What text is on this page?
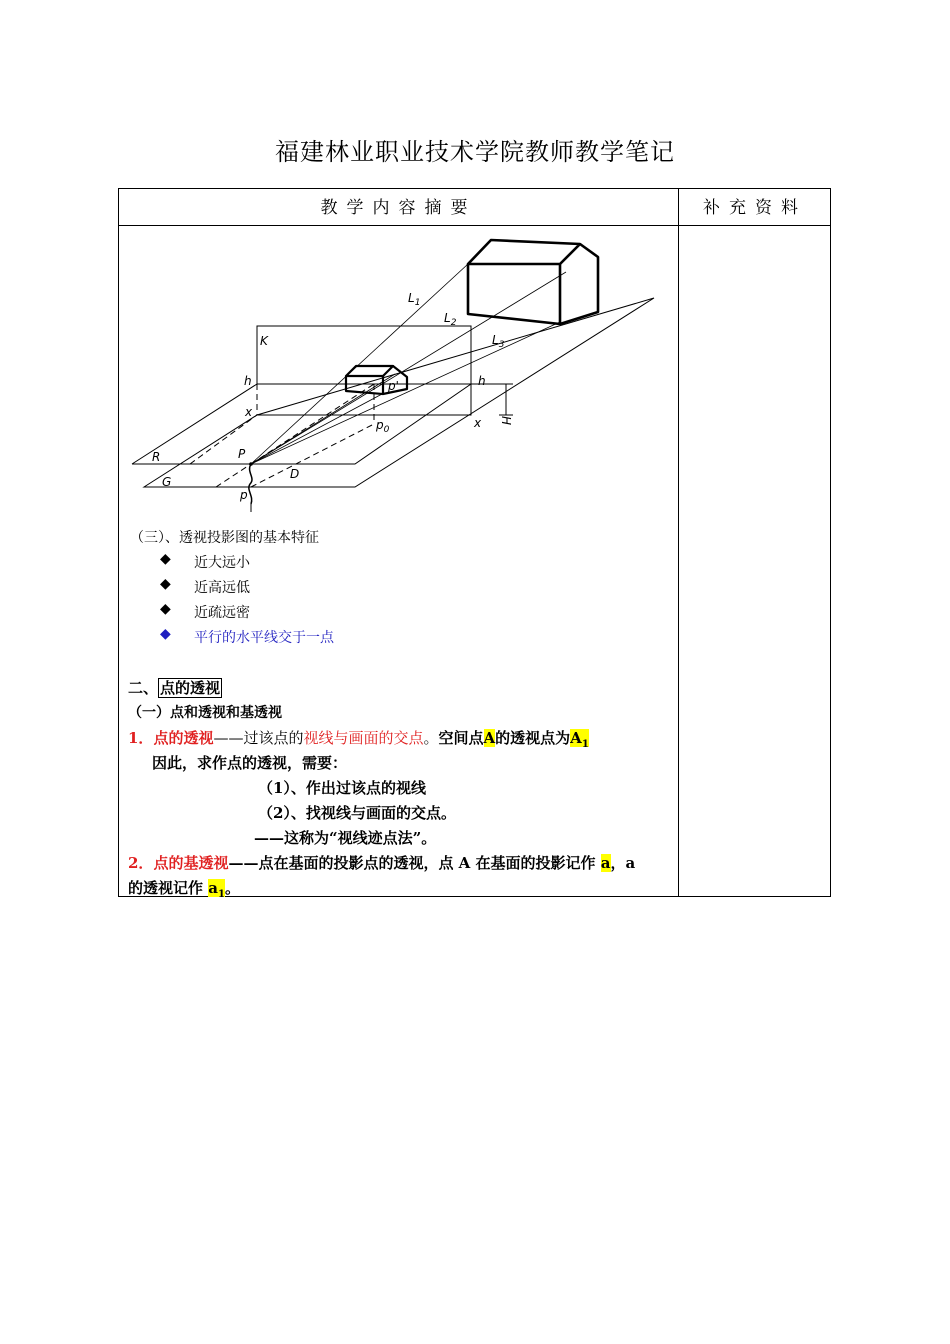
福建林业职业技术学院教师教学笔记
教学内容摘要	补充资料
$L_1$
$L_2$
$L_3$
K
h	h
x
x H
p'
$p_0$
R	P
G
D
p
（三）、透视投影图的基本特征
◆ 近大远小
◆ 近高远低
◆ 近疏远密
◆ 平行的水平线交于一点
二、 点的透视
（一）点和透视和基透视
1．点的透视——过该点的视线与画面的交点。空间点A的透视点为$A_1$
因此，求作点的透视，需要：
（1）、作出过该点的视线
（2）、找视线与画面的交点。
——这称为“视线迹点法”。
2．点的基透视——点在基面的投影点的透视，点 A 在基面的投影记作 a，a
的透视记作 $a_1$。
